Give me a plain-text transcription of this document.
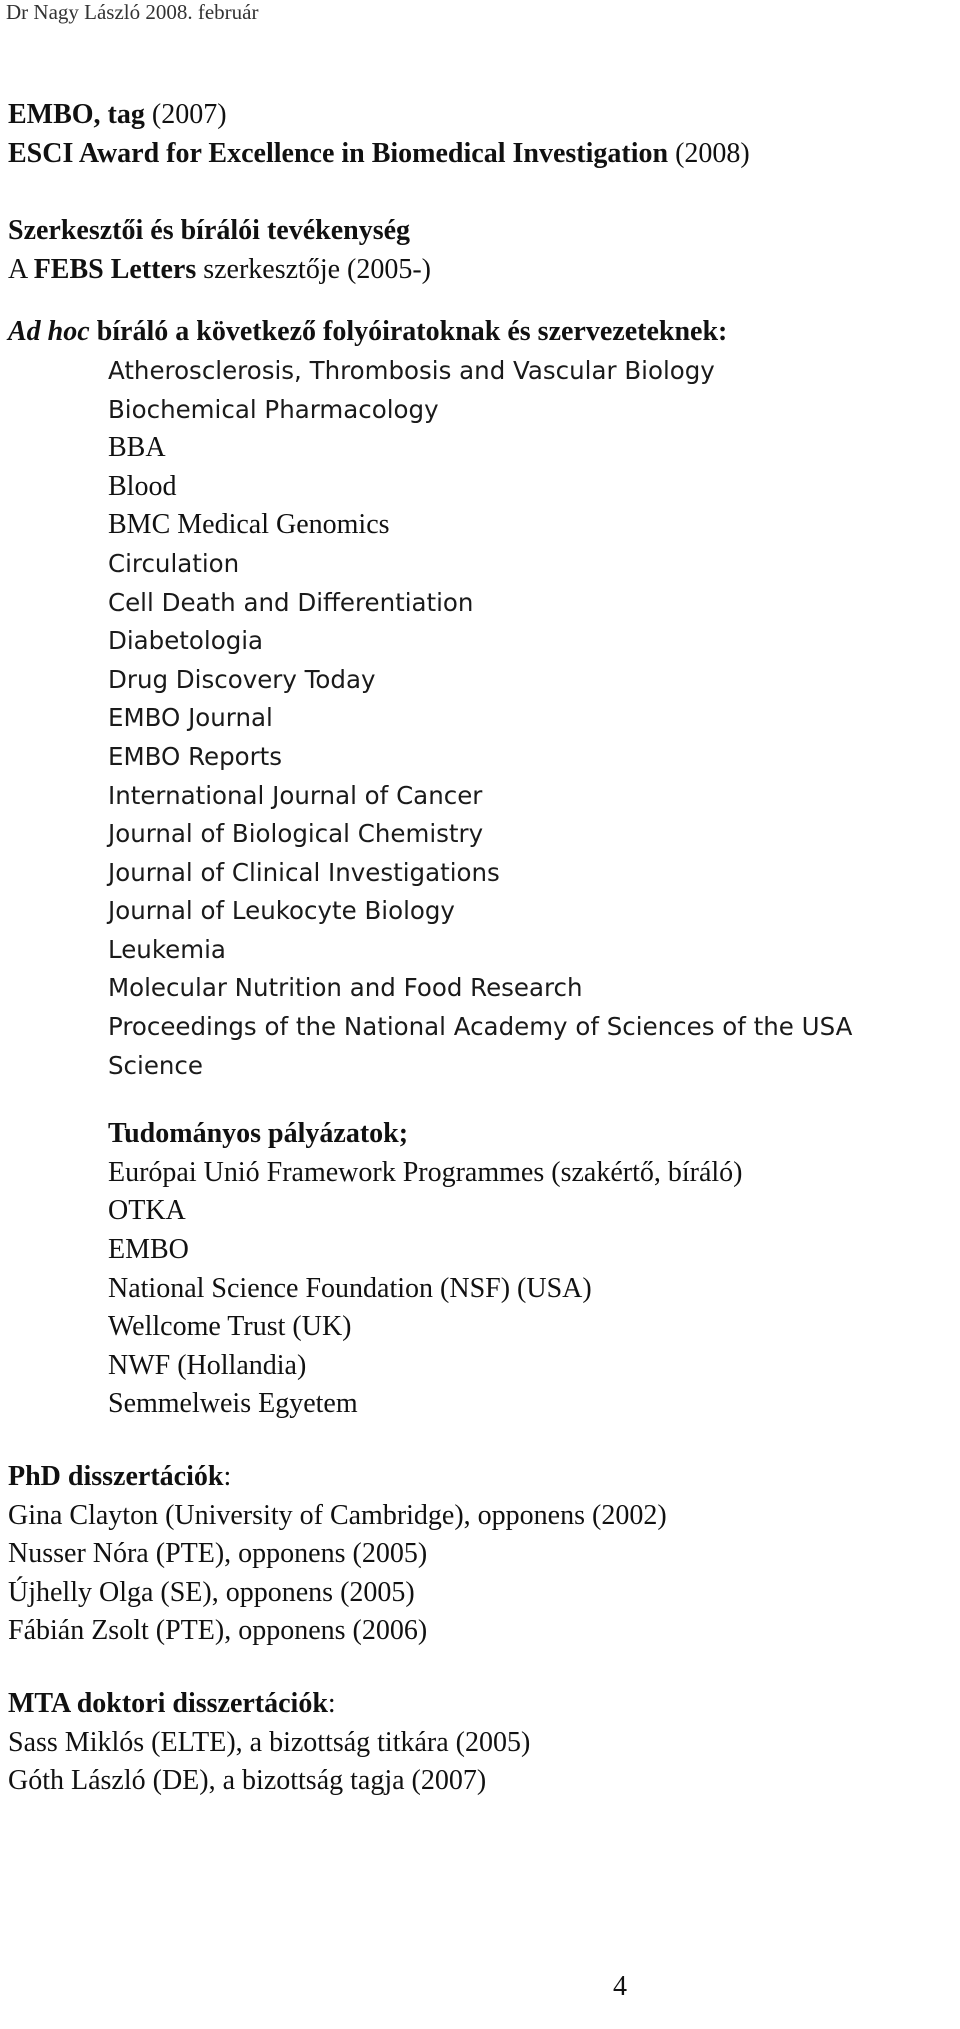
Dr Nagy László 2008. február
EMBO, tag (2007)
ESCI Award for Excellence in Biomedical Investigation (2008)
Szerkesztői és bírálói tevékenység
A FEBS Letters szerkesztője (2005-)
Ad hoc bíráló a következő folyóiratoknak és szervezeteknek:
Atherosclerosis, Thrombosis and Vascular Biology
Biochemical Pharmacology
BBA
Blood
BMC Medical Genomics
Circulation
Cell Death and Differentiation
Diabetologia
Drug Discovery Today
EMBO Journal
EMBO Reports
International Journal of Cancer
Journal of Biological Chemistry
Journal of Clinical Investigations
Journal of Leukocyte Biology
Leukemia
Molecular Nutrition and Food Research
Proceedings of the National Academy of Sciences of the USA
Science
Tudományos pályázatok;
Európai Unió Framework Programmes (szakértő, bíráló)
OTKA
EMBO
National Science Foundation (NSF) (USA)
Wellcome Trust (UK)
NWF (Hollandia)
Semmelweis Egyetem
PhD disszertációk:
Gina Clayton (University of Cambridge), opponens (2002)
Nusser Nóra (PTE), opponens (2005)
Újhelly Olga (SE), opponens (2005)
Fábián Zsolt (PTE), opponens (2006)
MTA doktori disszertációk:
Sass Miklós (ELTE), a bizottság titkára (2005)
Góth László (DE), a bizottság tagja (2007)
4
